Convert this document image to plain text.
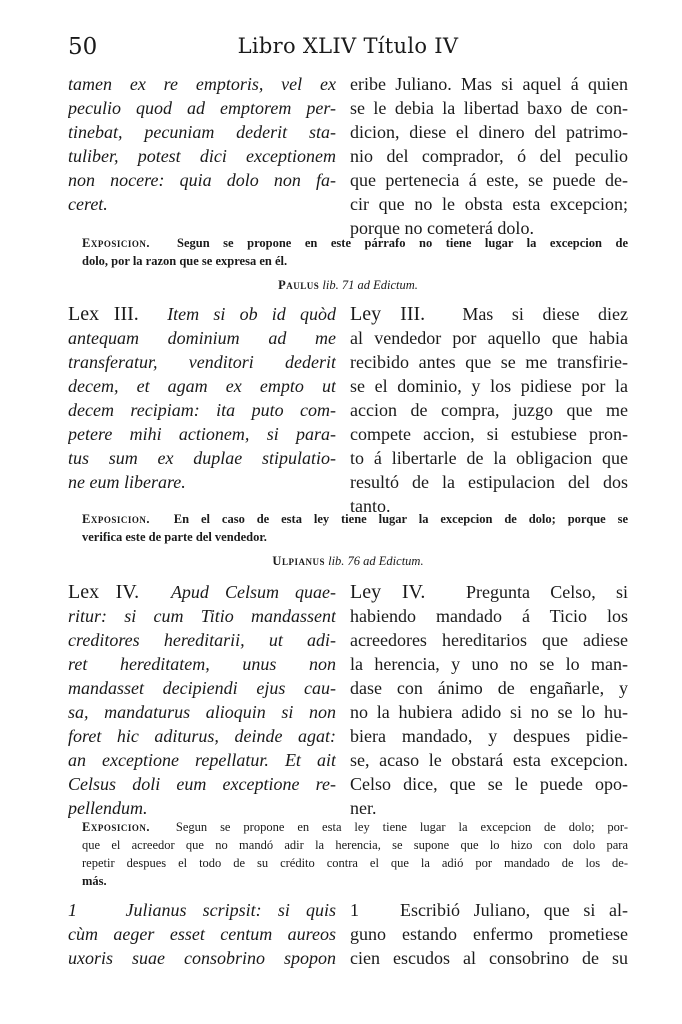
50	Libro XLIV Título IV
tamen ex re emptoris, vel ex
peculio quod ad emptorem per-
tinebat, pecuniam dederit sta-
tuliber, potest dici exceptionem
non nocere: quia dolo non fa-
ceret.
eribe Juliano. Mas si aquel á quien
se le debia la libertad baxo de con-
dicion, diese el dinero del patrimo-
nio del comprador, ó del peculio
que pertenecia á este, se puede de-
cir que no le obsta esta excepcion;
porque no cometerá dolo.
Exposicion. Segun se propone en este párrafo no tiene lugar la excepcion de
dolo, por la razon que se expresa en él.
Paulus lib. 71 ad Edictum.
Lex III. Item si ob id quòd
antequam dominium ad me
transferatur, venditori dederit
decem, et agam ex empto ut
decem recipiam: ita puto com-
petere mihi actionem, si para-
tus sum ex duplae stipulatio-
ne eum liberare.
Ley III. Mas si diese diez
al vendedor por aquello que habia
recibido antes que se me transfirie-
se el dominio, y los pidiese por la
accion de compra, juzgo que me
compete accion, si estubiese pron-
to á libertarle de la obligacion que
resultó de la estipulacion del dos
tanto.
Exposicion. En el caso de esta ley tiene lugar la excepcion de dolo; porque se
verifica este de parte del vendedor.
Ulpianus lib. 76 ad Edictum.
Lex IV. Apud Celsum quae-
ritur: si cum Titio mandassent
creditores hereditarii, ut adi-
ret hereditatem, unus non
mandasset decipiendi ejus cau-
sa, mandaturus alioquin si non
foret hic aditurus, deinde agat:
an exceptione repellatur. Et ait
Celsus doli eum exceptione re-
pellendum.
Ley IV. Pregunta Celso, si
habiendo mandado á Ticio los
acreedores hereditarios que adiese
la herencia, y uno no se lo man-
dase con ánimo de engañarle, y
no la hubiera adido si no se lo hu-
biera mandado, y despues pidie-
se, acaso le obstará esta excepcion.
Celso dice, que se le puede opo-
ner.
Exposicion. Segun se propone en esta ley tiene lugar la excepcion de dolo; por-
que el acreedor que no mandó adir la herencia, se supone que lo hizo con dolo para
repetir despues el todo de su crédito contra el que la adió por mandado de los de-
más.
1	Julianus scripsit: si quis
cùm aeger esset centum aureos
uxoris suae consobrino spopon
1 Escribió Juliano, que si al-
guno estando enfermo prometiese
cien escudos al consobrino de su
